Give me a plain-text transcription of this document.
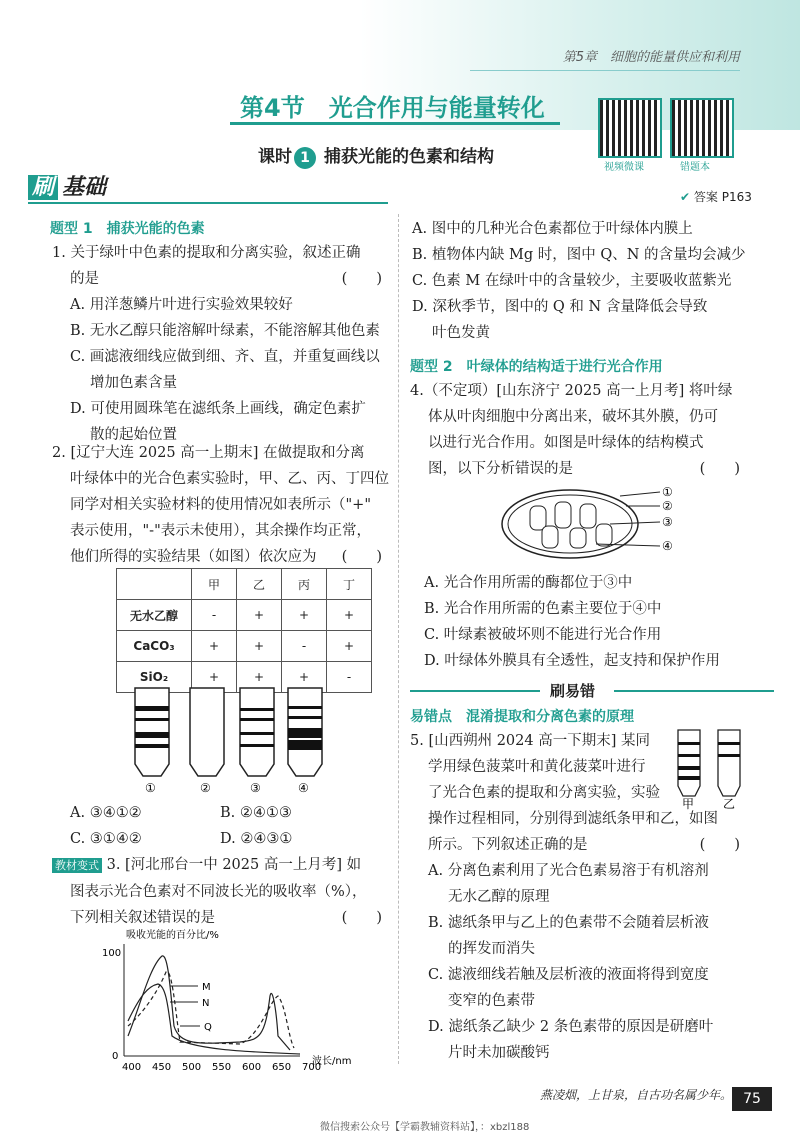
第5章　细胞的能量供应和利用
第4节　光合作用与能量转化
课时 1 捕获光能的色素和结构
视频微课	错题本
刷 基础	✔ 答案 P163
题型 1　捕获光能的色素
1. 关于绿叶中色素的提取和分离实验，叙述正确
的是	(　　)
A. 用洋葱鳞片叶进行实验效果较好
B. 无水乙醇只能溶解叶绿素，不能溶解其他色素
C. 画滤液细线应做到细、齐、直，并重复画线以
增加色素含量
D. 可使用圆珠笔在滤纸条上画线，确定色素扩
散的起始位置
2. [辽宁大连 2025 高一上期末] 在做提取和分离
叶绿体中的光合色素实验时，甲、乙、丙、丁四位
同学对相关实验材料的使用情况如表所示（"+"
表示使用，"-"表示未使用），其余操作均正常，
他们所得的实验结果（如图）依次应为 (　　)
	甲	乙	丙	丁
无水乙醇	-	+	+	+
CaCO₃	+	+	-	+
SiO₂	+	+	+	-
①	②	③	④
A. ③④①②	B. ②④①③
C. ③①④②	D. ②④③①
教材变式 3. [河北邢台一中 2025 高一上月考] 如
图表示光合色素对不同波长光的吸收率（%），
下列相关叙述错误的是	(　　)
吸收光能的百分比/%
100
0
400 450 500 550 600 650 700
波长/nm
M
N
Q
A. 图中的几种光合色素都位于叶绿体内膜上
B. 植物体内缺 Mg 时，图中 Q、N 的含量均会减少
C. 色素 M 在绿叶中的含量较少，主要吸收蓝紫光
D. 深秋季节，图中的 Q 和 N 含量降低会导致
叶色发黄
题型 2　叶绿体的结构适于进行光合作用
4.（不定项）[山东济宁 2025 高一上月考] 将叶绿
体从叶肉细胞中分离出来，破坏其外膜，仍可
以进行光合作用。如图是叶绿体的结构模式
图，以下分析错误的是	(　　)
①
②
③
④
A. 光合作用所需的酶都位于③中
B. 光合作用所需的色素主要位于④中
C. 叶绿素被破坏则不能进行光合作用
D. 叶绿体外膜具有全透性，起支持和保护作用
刷易错
易错点　混淆提取和分离色素的原理
5. [山西朔州 2024 高一下期末] 某同
学用绿色菠菜叶和黄化菠菜叶进行
了光合色素的提取和分离实验，实验
操作过程相同，分别得到滤纸条甲和乙，如图
所示。下列叙述正确的是	(　　)
A. 分离色素利用了光合色素易溶于有机溶剂
无水乙醇的原理
B. 滤纸条甲与乙上的色素带不会随着层析液
的挥发而消失
C. 滤液细线若触及层析液的液面将得到宽度
变窄的色素带
D. 滤纸条乙缺少 2 条色素带的原因是研磨叶
片时未加碳酸钙
甲 乙
燕凌烟，上甘泉，自古功名属少年。 75
微信搜索公众号【学霸教辅资料站】，：xbzl188
